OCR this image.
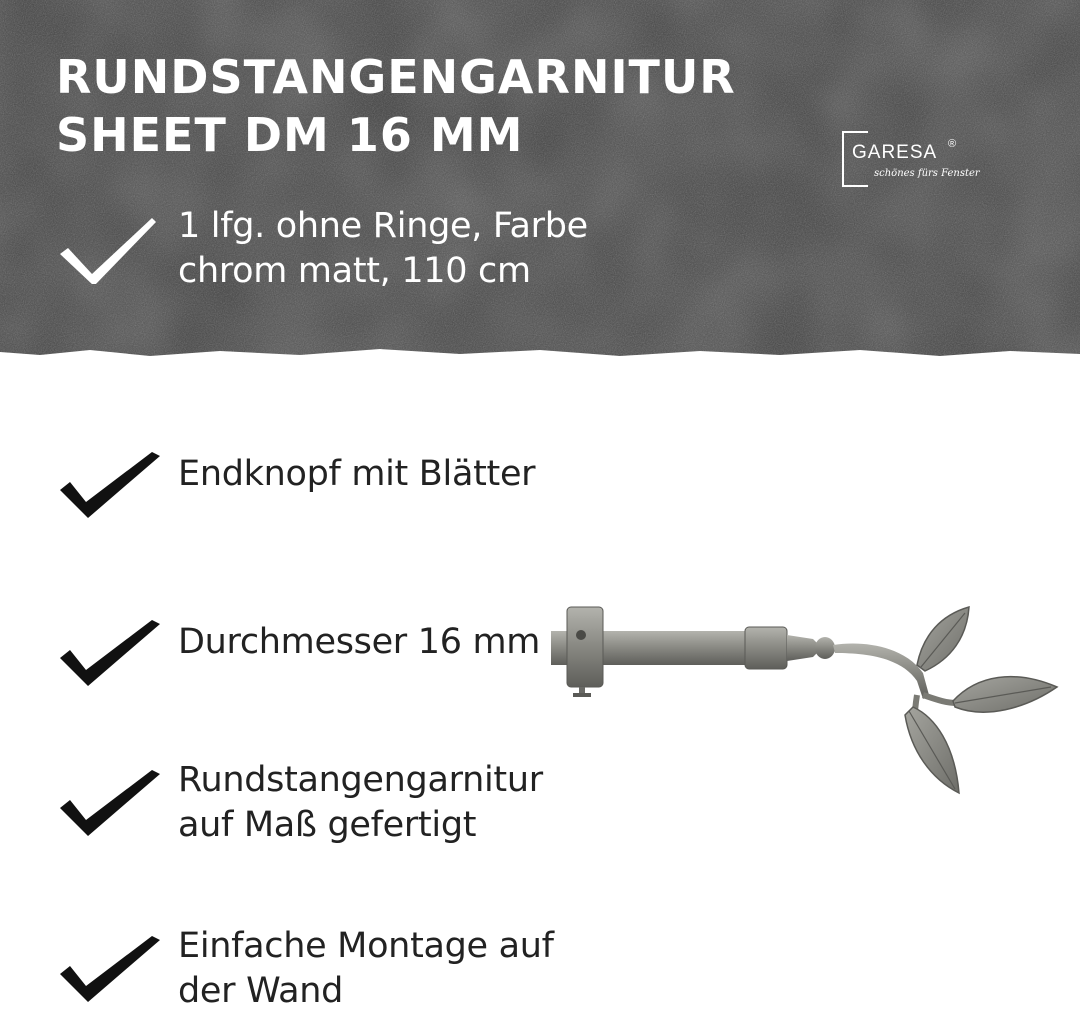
RUNDSTANGENGARNITUR
SHEET DM 16 MM	GARESA ®
schönes fürs Fenster
1 lfg. ohne Ringe, Farbe
chrom matt, 110 cm
Endknopf mit Blätter
Durchmesser 16 mm
Rundstangengarnitur
auf Maß gefertigt
Einfache Montage auf
der Wand
